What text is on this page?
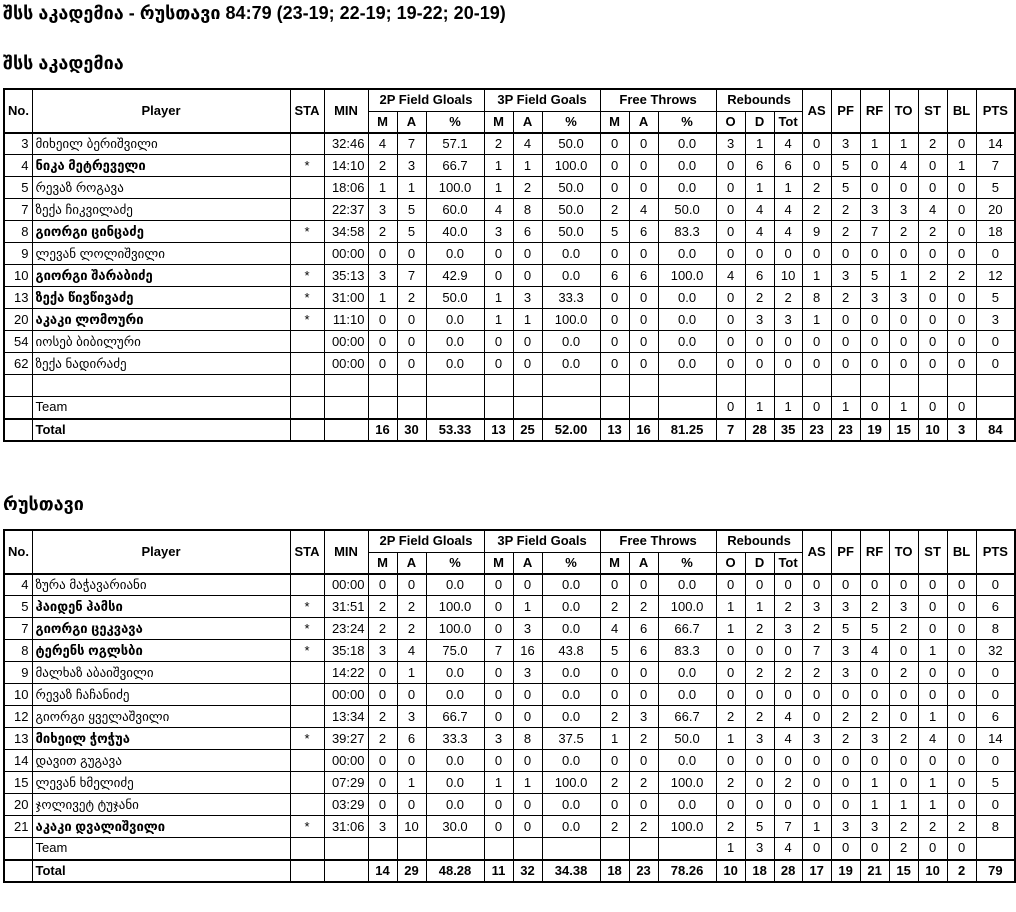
შსს აკადემია - რუსთავი 84:79 (23-19; 22-19; 19-22; 20-19)
შსს აკადემია
No.	Player	STA	MIN	2P Field Gloals			3P Field Goals			Free Throws			Rebounds			AS	PF	RF	TO	ST	BL	PTS
				M	A	%	M	A	%	M	A	%	O	D	Tot							
3	მიხეილ ბერიშვილი		32:46	4	7	57.1	2	4	50.0	0	0	0.0	3	1	4	0	3	1	1	2	0	14
4	ნიკა მეტრეველი	*	14:10	2	3	66.7	1	1	100.0	0	0	0.0	0	6	6	0	5	0	4	0	1	7
5	რევაზ როგავა		18:06	1	1	100.0	1	2	50.0	0	0	0.0	0	1	1	2	5	0	0	0	0	5
7	ზექა ჩიკვილაძე		22:37	3	5	60.0	4	8	50.0	2	4	50.0	0	4	4	2	2	3	3	4	0	20
8	გიორგი ცინცაძე	*	34:58	2	5	40.0	3	6	50.0	5	6	83.3	0	4	4	9	2	7	2	2	0	18
9	ლევან ლოლიშვილი		00:00	0	0	0.0	0	0	0.0	0	0	0.0	0	0	0	0	0	0	0	0	0	0
10	გიორგი შარაბიძე	*	35:13	3	7	42.9	0	0	0.0	6	6	100.0	4	6	10	1	3	5	1	2	2	12
13	ზექა წივწივაძე	*	31:00	1	2	50.0	1	3	33.3	0	0	0.0	0	2	2	8	2	3	3	0	0	5
20	აკაკი ლომოური	*	11:10	0	0	0.0	1	1	100.0	0	0	0.0	0	3	3	1	0	0	0	0	0	3
54	იოსებ ბიბილური		00:00	0	0	0.0	0	0	0.0	0	0	0.0	0	0	0	0	0	0	0	0	0	0
62	ზექა ნადირაძე		00:00	0	0	0.0	0	0	0.0	0	0	0.0	0	0	0	0	0	0	0	0	0	0

	Team												0	1	1	0	1	0	1	0	0	
	Total			16	30	53.33	13	25	52.00	13	16	81.25	7	28	35	23	23	19	15	10	3	84
რუსთავი
No.	Player	STA	MIN	2P Field Gloals			3P Field Goals			Free Throws			Rebounds			AS	PF	RF	TO	ST	BL	PTS
				M	A	%	M	A	%	M	A	%	O	D	Tot							
4	ზურა მაჭავარიანი		00:00	0	0	0.0	0	0	0.0	0	0	0.0	0	0	0	0	0	0	0	0	0	0
5	ჰაიდენ ჰამსი	*	31:51	2	2	100.0	0	1	0.0	2	2	100.0	1	1	2	3	3	2	3	0	0	6
7	გიორგი ცეკვავა	*	23:24	2	2	100.0	0	3	0.0	4	6	66.7	1	2	3	2	5	5	2	0	0	8
8	ტერენს ოგლსბი	*	35:18	3	4	75.0	7	16	43.8	5	6	83.3	0	0	0	7	3	4	0	1	0	32
9	მალხაზ აბაიშვილი		14:22	0	1	0.0	0	3	0.0	0	0	0.0	0	2	2	2	3	0	2	0	0	0
10	რევაზ ჩაჩანიძე		00:00	0	0	0.0	0	0	0.0	0	0	0.0	0	0	0	0	0	0	0	0	0	0
12	გიორგი ყველაშვილი		13:34	2	3	66.7	0	0	0.0	2	3	66.7	2	2	4	0	2	2	0	1	0	6
13	მიხეილ ჭოჭუა	*	39:27	2	6	33.3	3	8	37.5	1	2	50.0	1	3	4	3	2	3	2	4	0	14
14	დავით გუგავა		00:00	0	0	0.0	0	0	0.0	0	0	0.0	0	0	0	0	0	0	0	0	0	0
15	ლევან ხმელიძე		07:29	0	1	0.0	1	1	100.0	2	2	100.0	2	0	2	0	0	1	0	1	0	5
20	ჯოლივეტ ტუჯანი		03:29	0	0	0.0	0	0	0.0	0	0	0.0	0	0	0	0	0	1	1	1	0	0
21	აკაკი დვალიშვილი	*	31:06	3	10	30.0	0	0	0.0	2	2	100.0	2	5	7	1	3	3	2	2	2	8
	Team												1	3	4	0	0	0	2	0	0	
	Total			14	29	48.28	11	32	34.38	18	23	78.26	10	18	28	17	19	21	15	10	2	79
